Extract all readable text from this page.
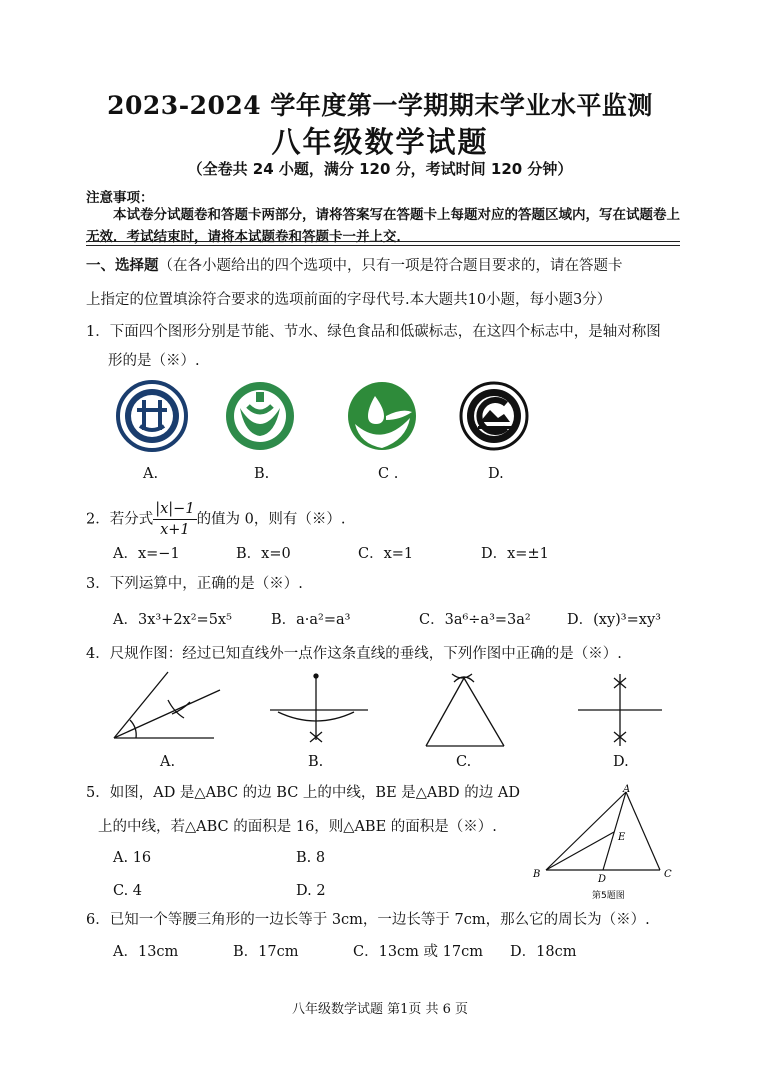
2023-2024 学年度第一学期期末学业水平监测
八年级数学试题
（全卷共 24 小题，满分 120 分，考试时间 120 分钟）
注意事项：
本试卷分试题卷和答题卡两部分，请将答案写在答题卡上每题对应的答题区域内，写在试题卷上无效．考试结束时，请将本试题卷和答题卡一并上交．
一、选择题（在各小题给出的四个选项中，只有一项是符合题目要求的，请在答题卡
上指定的位置填涂符合要求的选项前面的字母代号.本大题共10小题，每小题3分）
1．下面四个图形分别是节能、节水、绿色食品和低碳标志，在这四个标志中，是轴对称图
形的是（※）.
A.	B.	C .	D.
2．若分式 $\frac{|x|-1}{x+1}$ 的值为 0，则有（※）.
A．x=−1	B．x=0	C．x=1	D．x=±1
3．下列运算中，正确的是（※）.
A．3x³+2x²=5x⁵	B．a·a²=a³	C．3a⁶÷a³=3a²	D．(xy)³=xy³
4．尺规作图：经过已知直线外一点作这条直线的垂线，下列作图中正确的是（※）.
A.	B.	C.	D.
5．如图，AD 是△ABC 的边 BC 上的中线，BE 是△ABD 的边 AD
上的中线，若△ABC 的面积是 16，则△ABE 的面积是（※）.
A. 16	B. 8
C. 4	D. 2
A
B	C
D
E
第5题图
6．已知一个等腰三角形的一边长等于 3cm，一边长等于 7cm，那么它的周长为（※）.
A．13cm	B．17cm	C．13cm 或 17cm D．18cm
八年级数学试题 第1页 共 6 页
